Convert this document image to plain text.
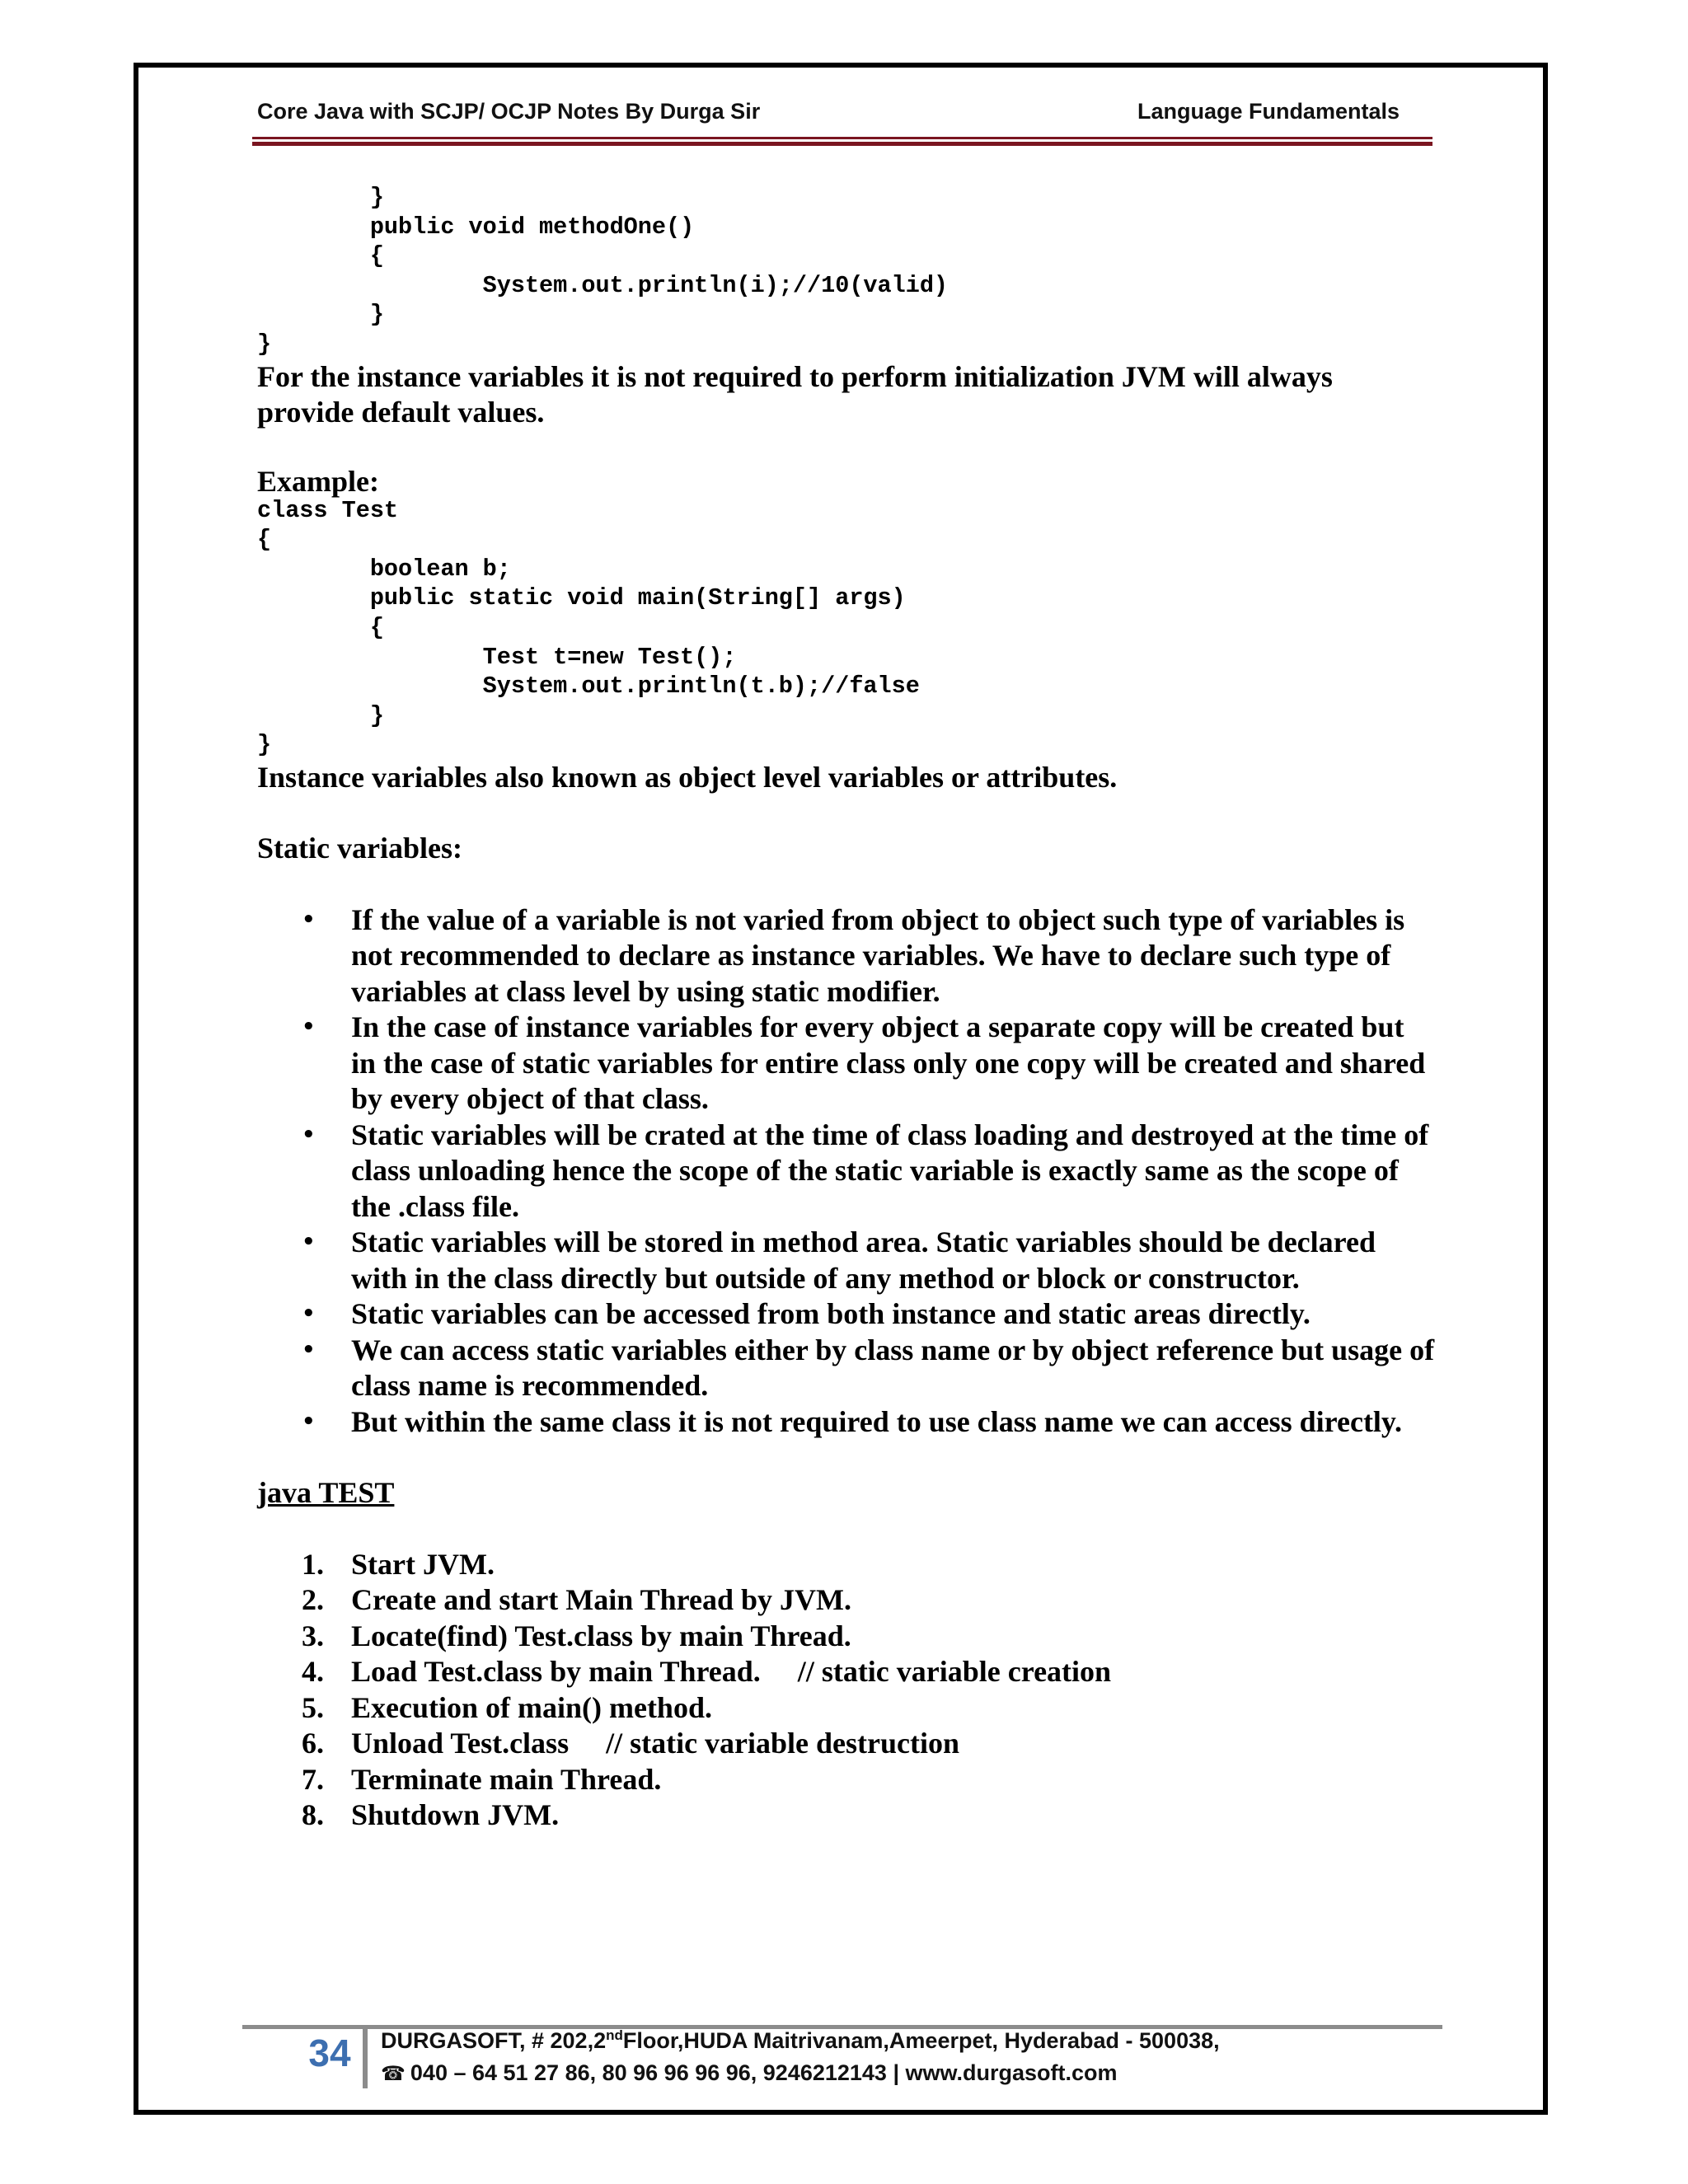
Core Java with SCJP/ OCJP Notes By Durga Sir	Language Fundamentals
}
public void methodOne()
{
System.out.println(i);//10(valid)
}
}

For the instance variables it is not required to perform initialization JVM will always provide default values.

Example:

class Test
{
boolean b;
public static void main(String[] args)
{
Test t=new Test();
System.out.println(t.b);//false
}
}

Instance variables also known as object level variables or attributes.

Static variables:

• If the value of a variable is not varied from object to object such type of variables is not recommended to declare as instance variables. We have to declare such type of variables at class level by using static modifier.
• In the case of instance variables for every object a separate copy will be created but in the case of static variables for entire class only one copy will be created and shared by every object of that class.
• Static variables will be crated at the time of class loading and destroyed at the time of class unloading hence the scope of the static variable is exactly same as the scope of the .class file.
• Static variables will be stored in method area. Static variables should be declared with in the class directly but outside of any method or block or constructor.
• Static variables can be accessed from both instance and static areas directly.
• We can access static variables either by class name or by object reference but usage of class name is recommended.
• But within the same class it is not required to use class name we can access directly.

java TEST

1. Start JVM.
2. Create and start Main Thread by JVM.
3. Locate(find) Test.class by main Thread.
4. Load Test.class by main Thread.     // static variable creation
5. Execution of main() method.
6. Unload Test.class     // static variable destruction
7. Terminate main Thread.
8. Shutdown JVM.
34	DURGASOFT, # 202,2ndFloor,HUDA Maitrivanam,Ameerpet, Hyderabad - 500038,
☎ 040 – 64 51 27 86, 80 96 96 96 96, 9246212143 | www.durgasoft.com
